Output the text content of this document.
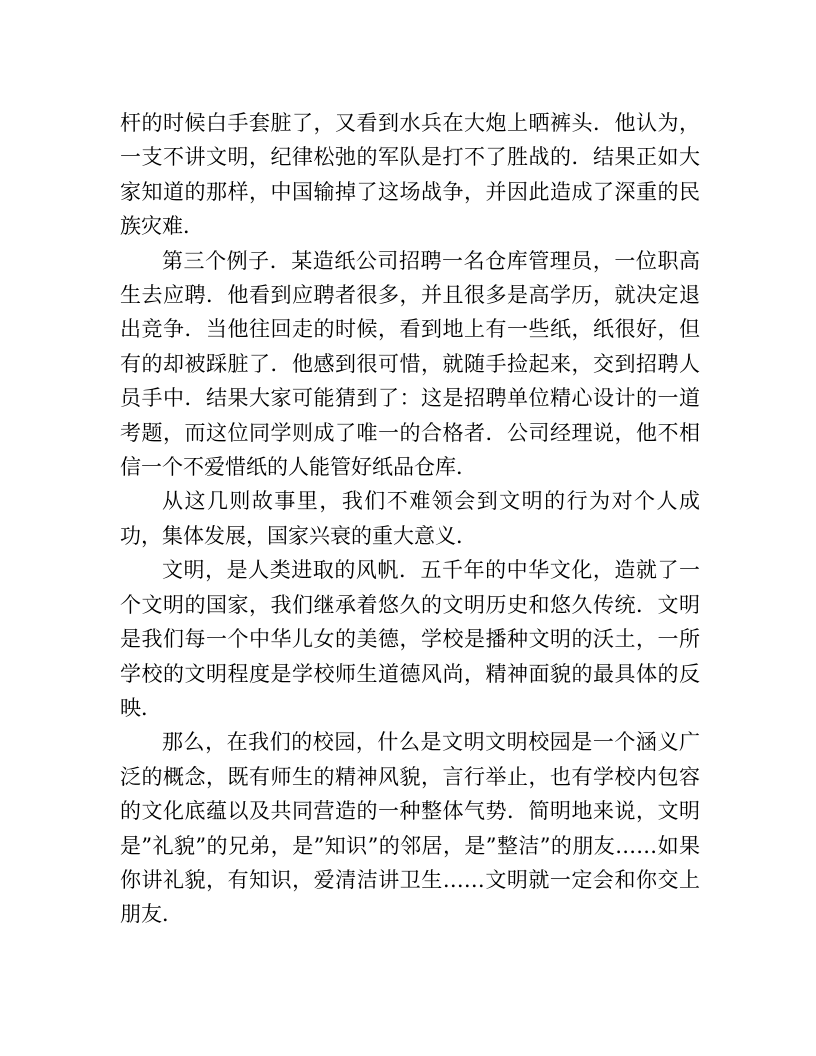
杆的时候白手套脏了，又看到水兵在大炮上晒裤头．他认为，一支不讲文明，纪律松弛的军队是打不了胜战的．结果正如大家知道的那样，中国输掉了这场战争，并因此造成了深重的民族灾难．

第三个例子．某造纸公司招聘一名仓库管理员，一位职高生去应聘．他看到应聘者很多，并且很多是高学历，就决定退出竞争．当他往回走的时候，看到地上有一些纸，纸很好，但有的却被踩脏了．他感到很可惜，就随手捡起来，交到招聘人员手中．结果大家可能猜到了：这是招聘单位精心设计的一道考题，而这位同学则成了唯一的合格者．公司经理说，他不相信一个不爱惜纸的人能管好纸品仓库．

从这几则故事里，我们不难领会到文明的行为对个人成功，集体发展，国家兴衰的重大意义．

文明，是人类进取的风帆．五千年的中华文化，造就了一个文明的国家，我们继承着悠久的文明历史和悠久传统．文明是我们每一个中华儿女的美德，学校是播种文明的沃土，一所学校的文明程度是学校师生道德风尚，精神面貌的最具体的反映．

那么，在我们的校园，什么是文明文明校园是一个涵义广泛的概念，既有师生的精神风貌，言行举止，也有学校内包容的文化底蕴以及共同营造的一种整体气势．简明地来说，文明是”礼貌”的兄弟，是”知识”的邻居，是”整洁”的朋友……如果你讲礼貌，有知识，爱清洁讲卫生……文明就一定会和你交上朋友．
